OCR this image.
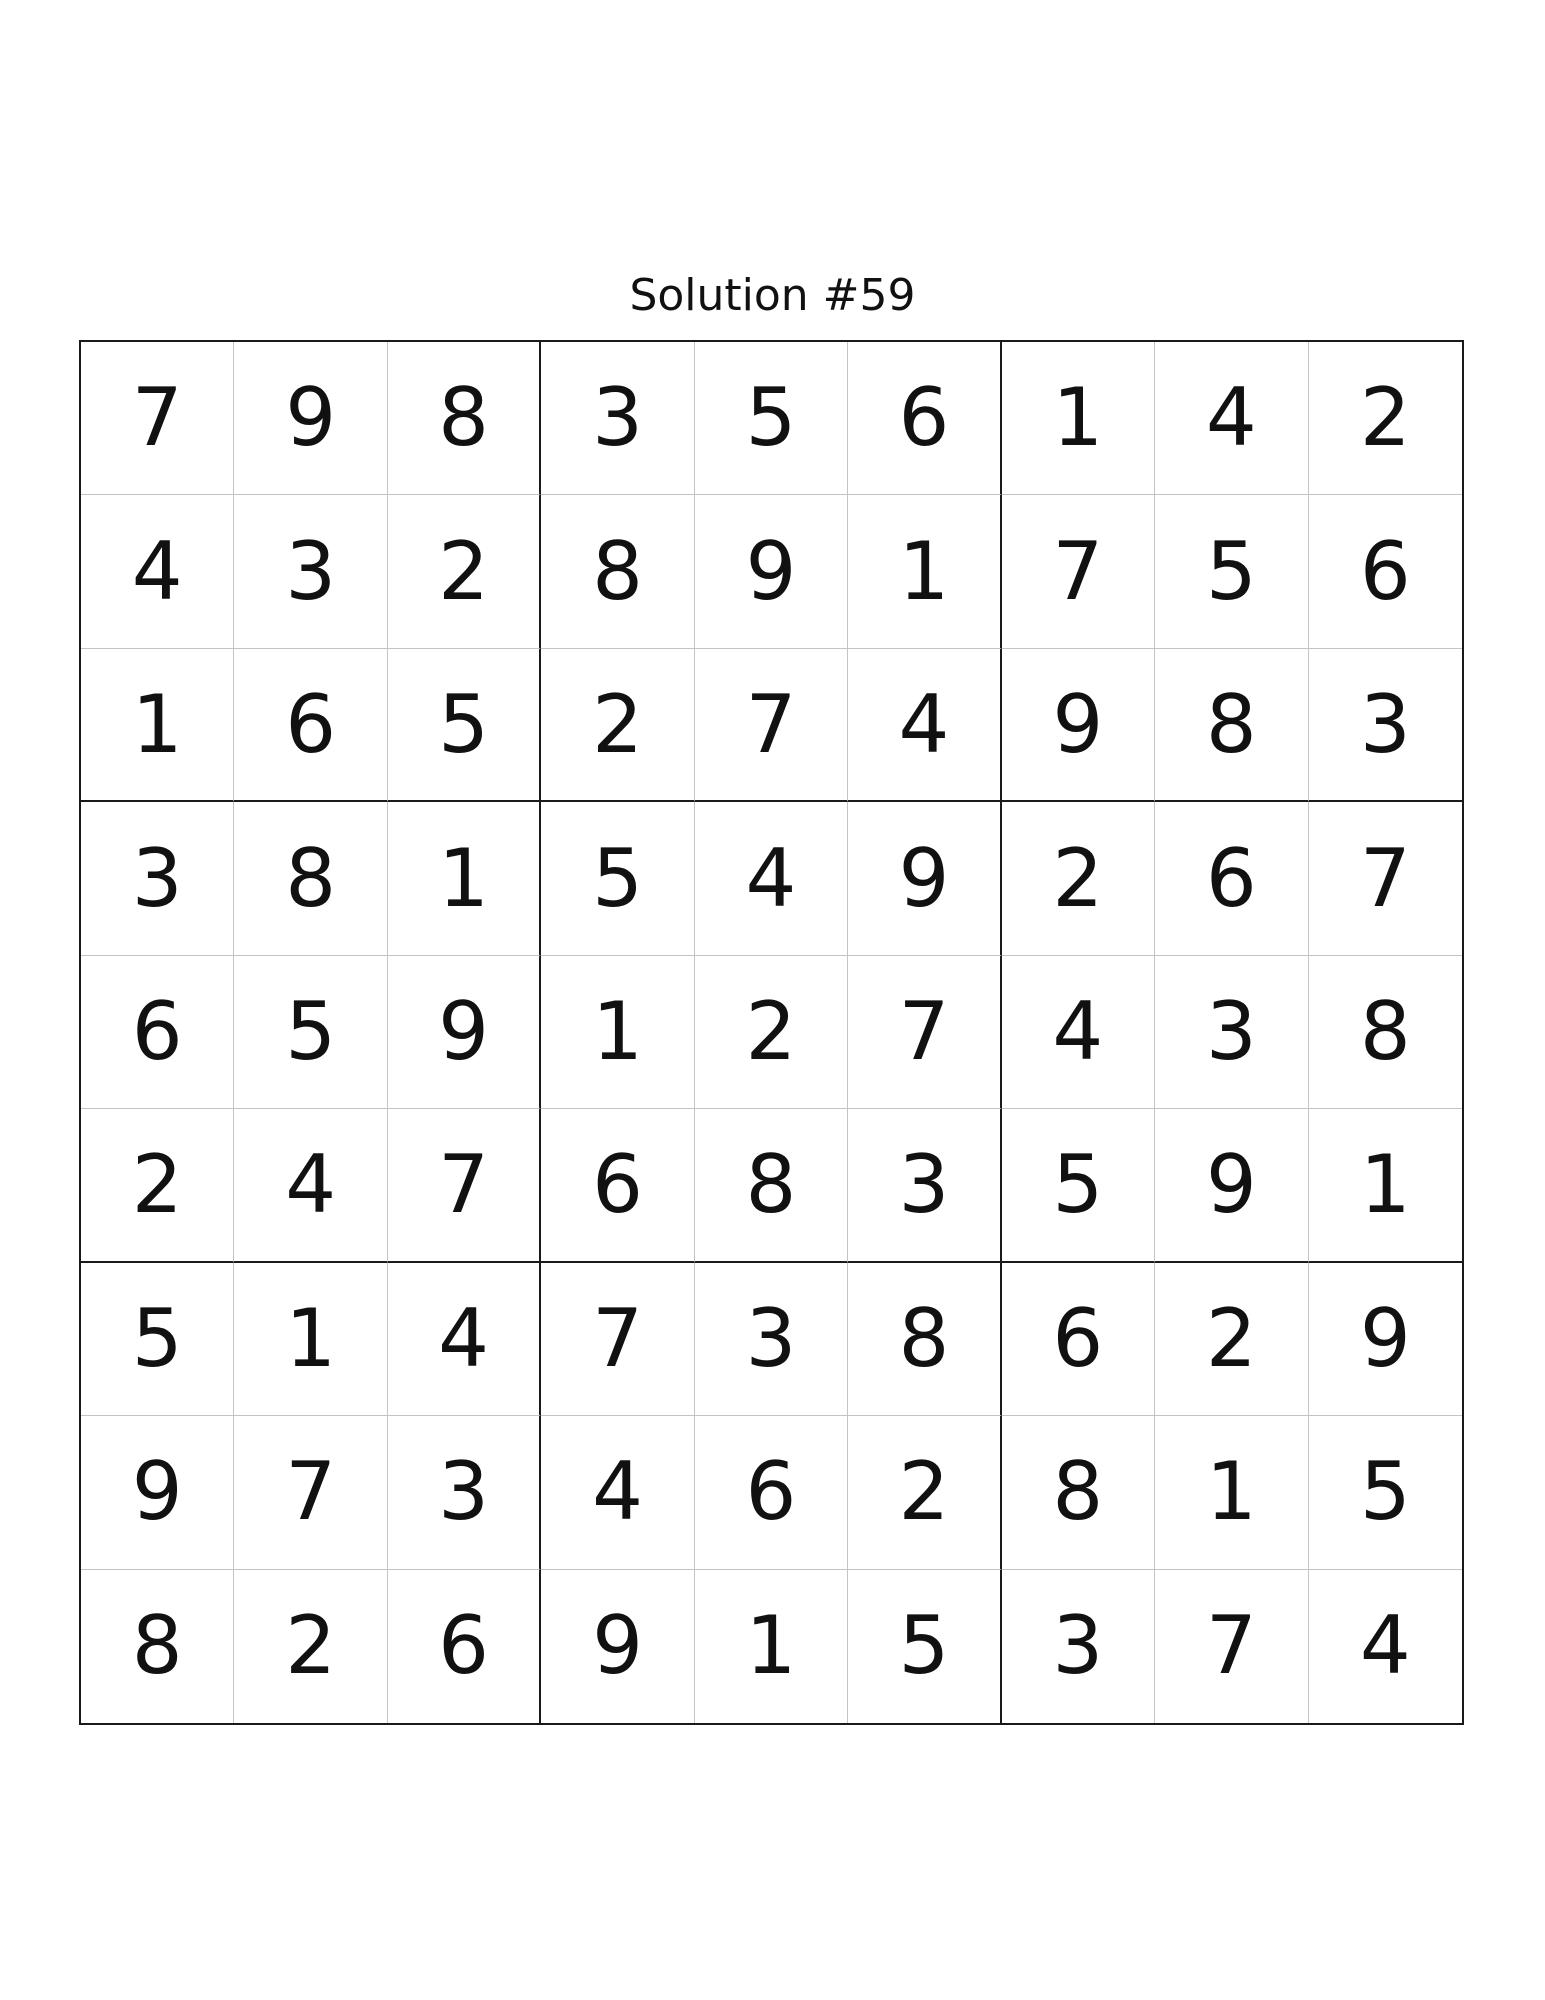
Solution #59
7	9	8	3	5	6	1	4	2
4	3	2	8	9	1	7	5	6
1	6	5	2	7	4	9	8	3
3	8	1	5	4	9	2	6	7
6	5	9	1	2	7	4	3	8
2	4	7	6	8	3	5	9	1
5	1	4	7	3	8	6	2	9
9	7	3	4	6	2	8	1	5
8	2	6	9	1	5	3	7	4
